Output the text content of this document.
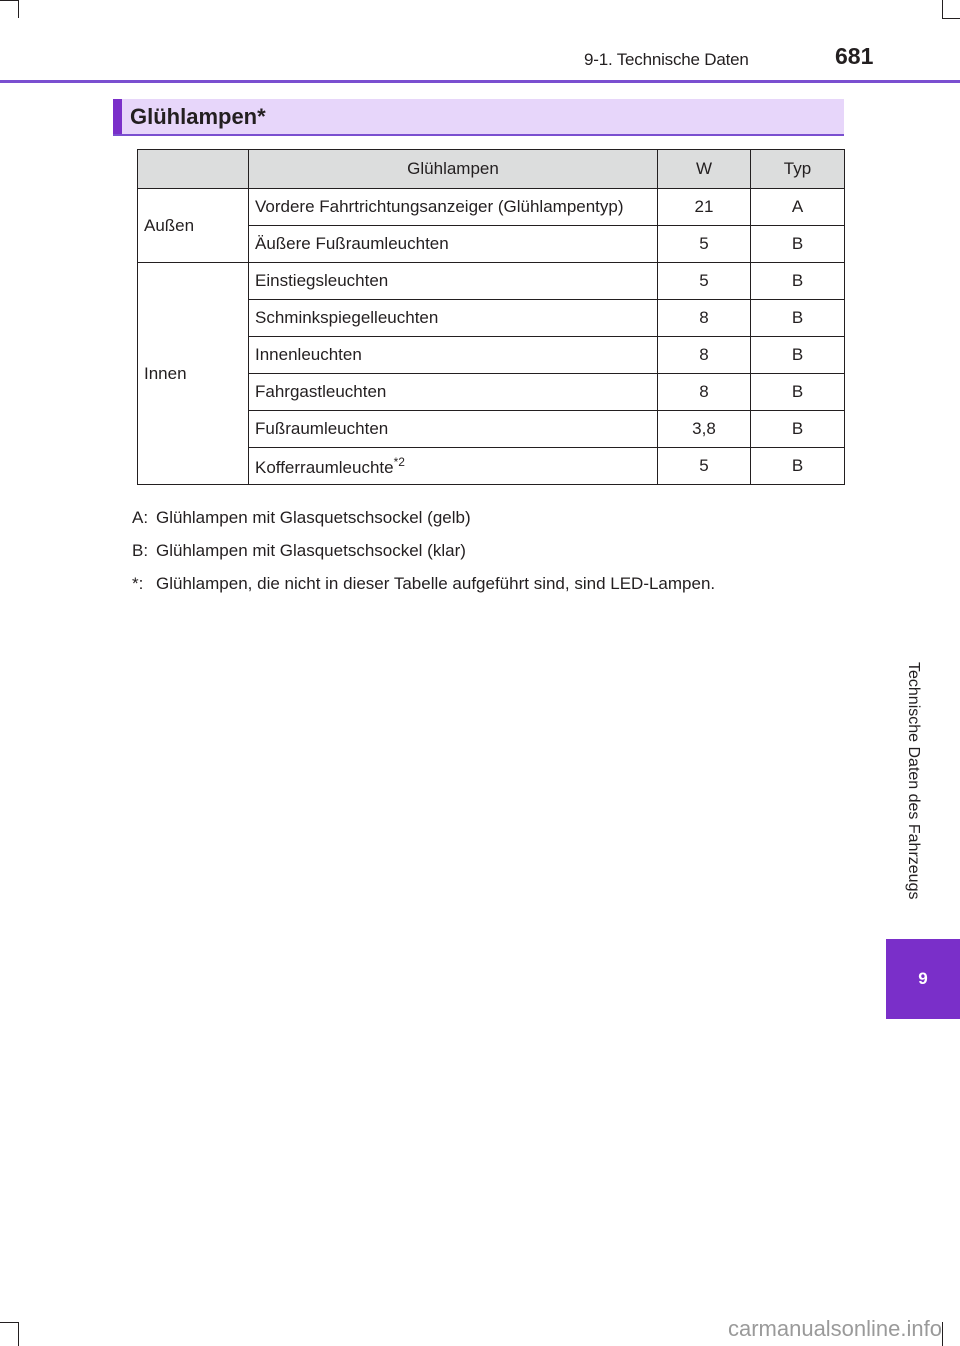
9-1. Technische Daten	681
Technische Daten des Fahrzeugs
9
Glühlampen*
	Glühlampen	W	Typ
Außen	Vordere Fahrtrichtungsanzeiger (Glühlampentyp)	21	A
	Äußere Fußraumleuchten	5	B
Innen	Einstiegsleuchten	5	B
	Schminkspiegelleuchten	8	B
	Innenleuchten	8	B
	Fahrgastleuchten	8	B
	Fußraumleuchten	3,8	B
	Kofferraumleuchte$^{*2}$	5	B
A: Glühlampen mit Glasquetschsockel (gelb)
B: Glühlampen mit Glasquetschsockel (klar)
*: Glühlampen, die nicht in dieser Tabelle aufgeführt sind, sind LED-Lampen.
carmanualsonline.info
